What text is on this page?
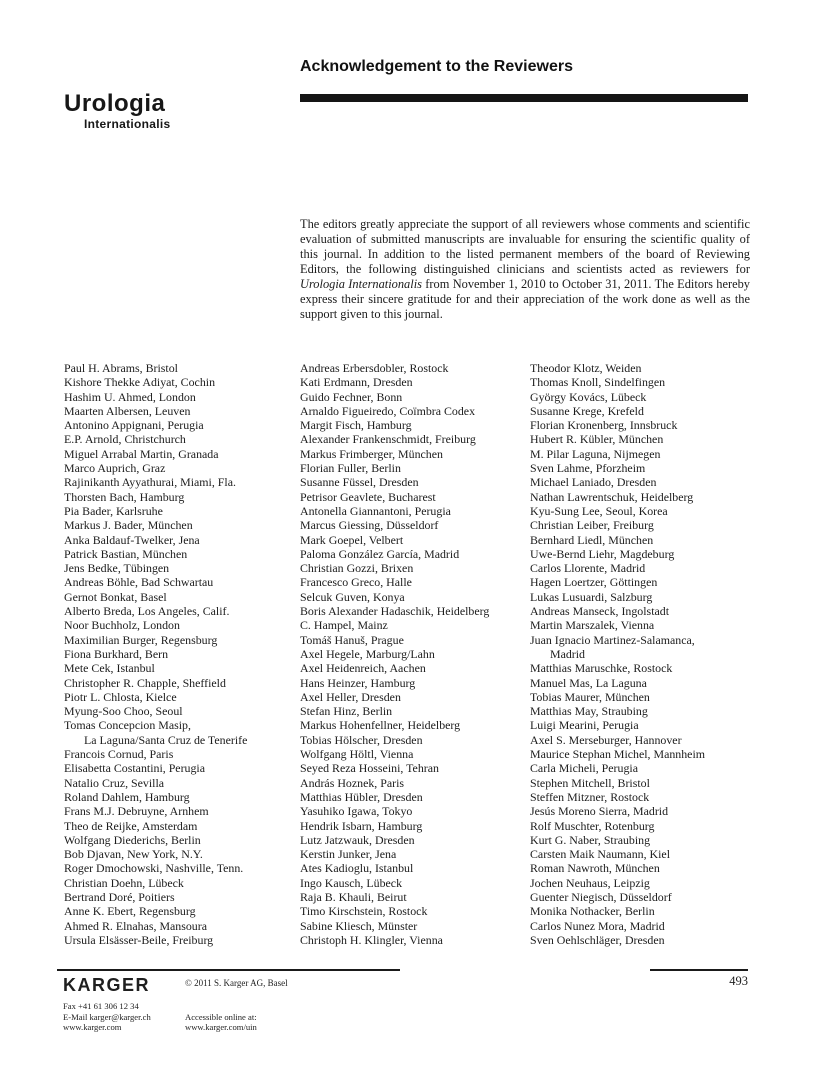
Urologia
Internationalis
Acknowledgement to the Reviewers

The editors greatly appreciate the support of all reviewers whose comments and scientific evaluation of submitted manuscripts are invaluable for ensuring the scientific quality of this journal. In addition to the listed permanent members of the board of Reviewing Editors, the following distinguished clinicians and scientists acted as reviewers for Urologia Internationalis from November 1, 2010 to October 31, 2011. The Editors hereby express their sincere gratitude for and their appreciation of the work done as well as the support given to this journal.

Paul H. Abrams, Bristol
Kishore Thekke Adiyat, Cochin
Hashim U. Ahmed, London
Maarten Albersen, Leuven
Antonino Appignani, Perugia
E.P. Arnold, Christchurch
Miguel Arrabal Martin, Granada
Marco Auprich, Graz
Rajinikanth Ayyathurai, Miami, Fla.
Thorsten Bach, Hamburg
Pia Bader, Karlsruhe
Markus J. Bader, München
Anka Baldauf-Twelker, Jena
Patrick Bastian, München
Jens Bedke, Tübingen
Andreas Böhle, Bad Schwartau
Gernot Bonkat, Basel
Alberto Breda, Los Angeles, Calif.
Noor Buchholz, London
Maximilian Burger, Regensburg
Fiona Burkhard, Bern
Mete Cek, Istanbul
Christopher R. Chapple, Sheffield
Piotr L. Chlosta, Kielce
Myung-Soo Choo, Seoul
Tomas Concepcion Masip,
La Laguna/Santa Cruz de Tenerife
Francois Cornud, Paris
Elisabetta Costantini, Perugia
Natalio Cruz, Sevilla
Roland Dahlem, Hamburg
Frans M.J. Debruyne, Arnhem
Theo de Reijke, Amsterdam
Wolfgang Diederichs, Berlin
Bob Djavan, New York, N.Y.
Roger Dmochowski, Nashville, Tenn.
Christian Doehn, Lübeck
Bertrand Doré, Poitiers
Anne K. Ebert, Regensburg
Ahmed R. Elnahas, Mansoura
Ursula Elsässer-Beile, Freiburg
Andreas Erbersdobler, Rostock
Kati Erdmann, Dresden
Guido Fechner, Bonn
Arnaldo Figueiredo, Coïmbra Codex
Margit Fisch, Hamburg
Alexander Frankenschmidt, Freiburg
Markus Frimberger, München
Florian Fuller, Berlin
Susanne Füssel, Dresden
Petrisor Geavlete, Bucharest
Antonella Giannantoni, Perugia
Marcus Giessing, Düsseldorf
Mark Goepel, Velbert
Paloma González García, Madrid
Christian Gozzi, Brixen
Francesco Greco, Halle
Selcuk Guven, Konya
Boris Alexander Hadaschik, Heidelberg
C. Hampel, Mainz
Tomáš Hanuš, Prague
Axel Hegele, Marburg/Lahn
Axel Heidenreich, Aachen
Hans Heinzer, Hamburg
Axel Heller, Dresden
Stefan Hinz, Berlin
Markus Hohenfellner, Heidelberg
Tobias Hölscher, Dresden
Wolfgang Höltl, Vienna
Seyed Reza Hosseini, Tehran
András Hoznek, Paris
Matthias Hübler, Dresden
Yasuhiko Igawa, Tokyo
Hendrik Isbarn, Hamburg
Lutz Jatzwauk, Dresden
Kerstin Junker, Jena
Ates Kadioglu, Istanbul
Ingo Kausch, Lübeck
Raja B. Khauli, Beirut
Timo Kirschstein, Rostock
Sabine Kliesch, Münster
Christoph H. Klingler, Vienna
Theodor Klotz, Weiden
Thomas Knoll, Sindelfingen
György Kovács, Lübeck
Susanne Krege, Krefeld
Florian Kronenberg, Innsbruck
Hubert R. Kübler, München
M. Pilar Laguna, Nijmegen
Sven Lahme, Pforzheim
Michael Laniado, Dresden
Nathan Lawrentschuk, Heidelberg
Kyu-Sung Lee, Seoul, Korea
Christian Leiber, Freiburg
Bernhard Liedl, München
Uwe-Bernd Liehr, Magdeburg
Carlos Llorente, Madrid
Hagen Loertzer, Göttingen
Lukas Lusuardi, Salzburg
Andreas Manseck, Ingolstadt
Martin Marszalek, Vienna
Juan Ignacio Martinez-Salamanca,
Madrid
Matthias Maruschke, Rostock
Manuel Mas, La Laguna
Tobias Maurer, München
Matthias May, Straubing
Luigi Mearini, Perugia
Axel S. Merseburger, Hannover
Maurice Stephan Michel, Mannheim
Carla Micheli, Perugia
Stephen Mitchell, Bristol
Steffen Mitzner, Rostock
Jesús Moreno Sierra, Madrid
Rolf Muschter, Rotenburg
Kurt G. Naber, Straubing
Carsten Maik Naumann, Kiel
Roman Nawroth, München
Jochen Neuhaus, Leipzig
Guenter Niegisch, Düsseldorf
Monika Nothacker, Berlin
Carlos Nunez Mora, Madrid
Sven Oehlschläger, Dresden
KARGER	© 2011 S. Karger AG, Basel
Fax +41 61 306 12 34
E-Mail karger@karger.ch
www.karger.com
Accessible online at:
www.karger.com/uin
493
